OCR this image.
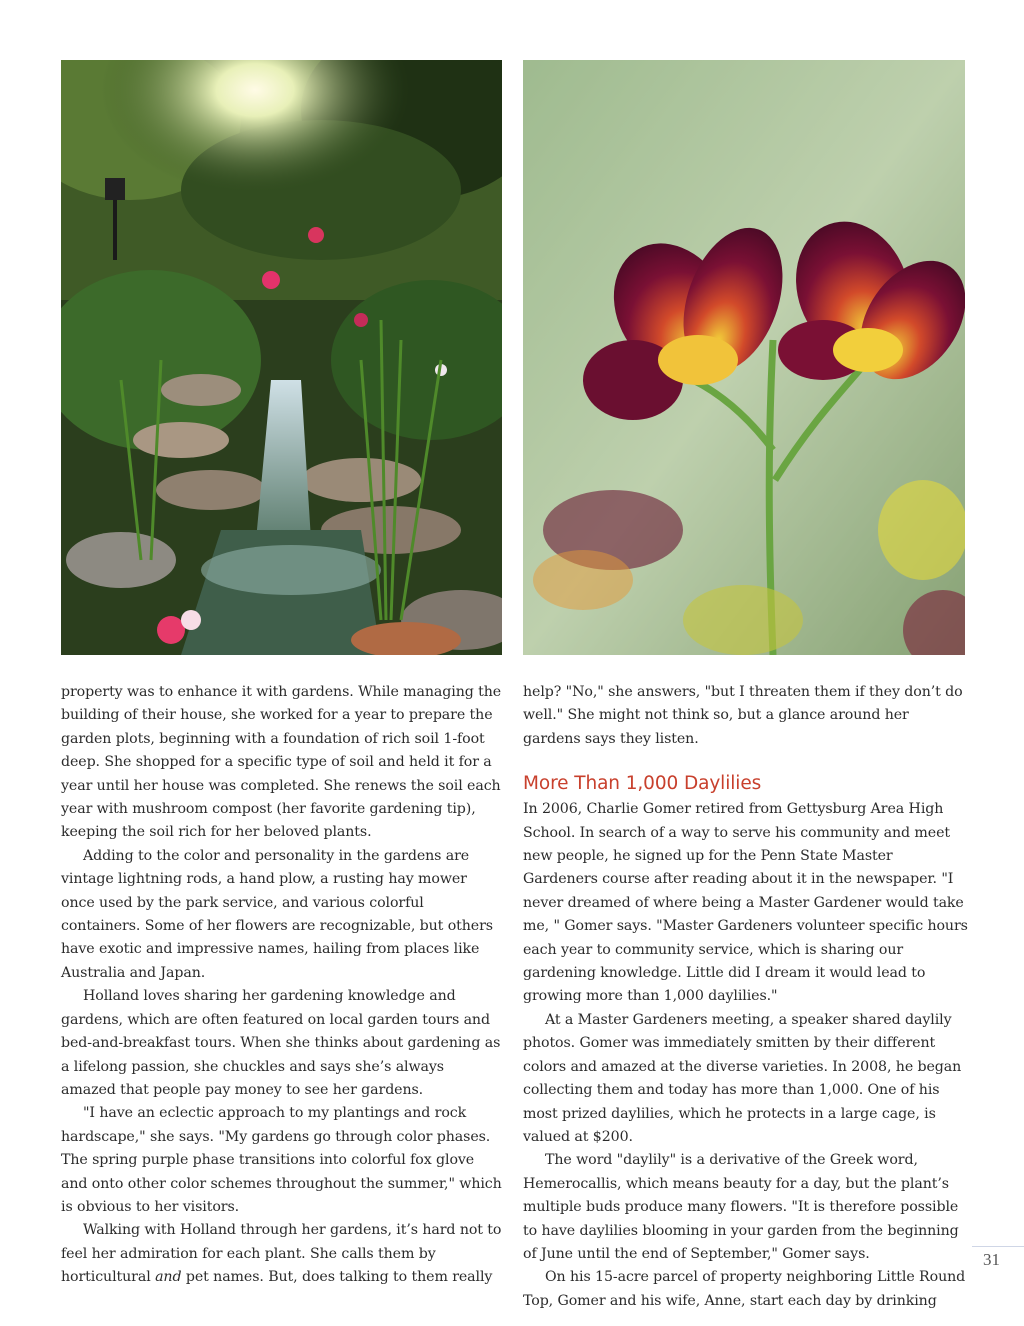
property was to enhance it with gardens. While managing the building of their house, she worked for a year to prepare the garden plots, beginning with a foundation of rich soil 1-foot deep. She shopped for a specific type of soil and held it for a year until her house was completed. She renews the soil each year with mushroom compost (her favorite gardening tip), keeping the soil rich for her beloved plants.

Adding to the color and personality in the gardens are vintage lightning rods, a hand plow, a rusting hay mower once used by the park service, and various colorful containers. Some of her flowers are recognizable, but others have exotic and impressive names, hailing from places like Australia and Japan.

Holland loves sharing her gardening knowledge and gardens, which are often featured on local garden tours and bed-and-breakfast tours. When she thinks about gardening as a lifelong passion, she chuckles and says she’s always amazed that people pay money to see her gardens.

"I have an eclectic approach to my plantings and rock hardscape," she says. "My gardens go through color phases. The spring purple phase transitions into colorful fox glove and onto other color schemes throughout the summer," which is obvious to her visitors.

Walking with Holland through her gardens, it’s hard not to feel her admiration for each plant. She calls them by horticultural and pet names. But, does talking to them really

help? "No," she answers, "but I threaten them if they don’t do well." She might not think so, but a glance around her gardens says they listen.

More Than 1,000 Daylilies

In 2006, Charlie Gomer retired from Gettysburg Area High School. In search of a way to serve his community and meet new people, he signed up for the Penn State Master Gardeners course after reading about it in the newspaper. "I never dreamed of where being a Master Gardener would take me, " Gomer says. "Master Gardeners volunteer specific hours each year to community service, which is sharing our gardening knowledge. Little did I dream it would lead to growing more than 1,000 daylilies."

At a Master Gardeners meeting, a speaker shared daylily photos. Gomer was immediately smitten by their different colors and amazed at the diverse varieties. In 2008, he began collecting them and today has more than 1,000. One of his most prized daylilies, which he protects in a large cage, is valued at $200.

The word "daylily" is a derivative of the Greek word, Hemerocallis, which means beauty for a day, but the plant’s multiple buds produce many flowers. "It is therefore possible to have daylilies blooming in your garden from the beginning of June until the end of September," Gomer says.

On his 15-acre parcel of property neighboring Little Round Top, Gomer and his wife, Anne, start each day by drinking

31
